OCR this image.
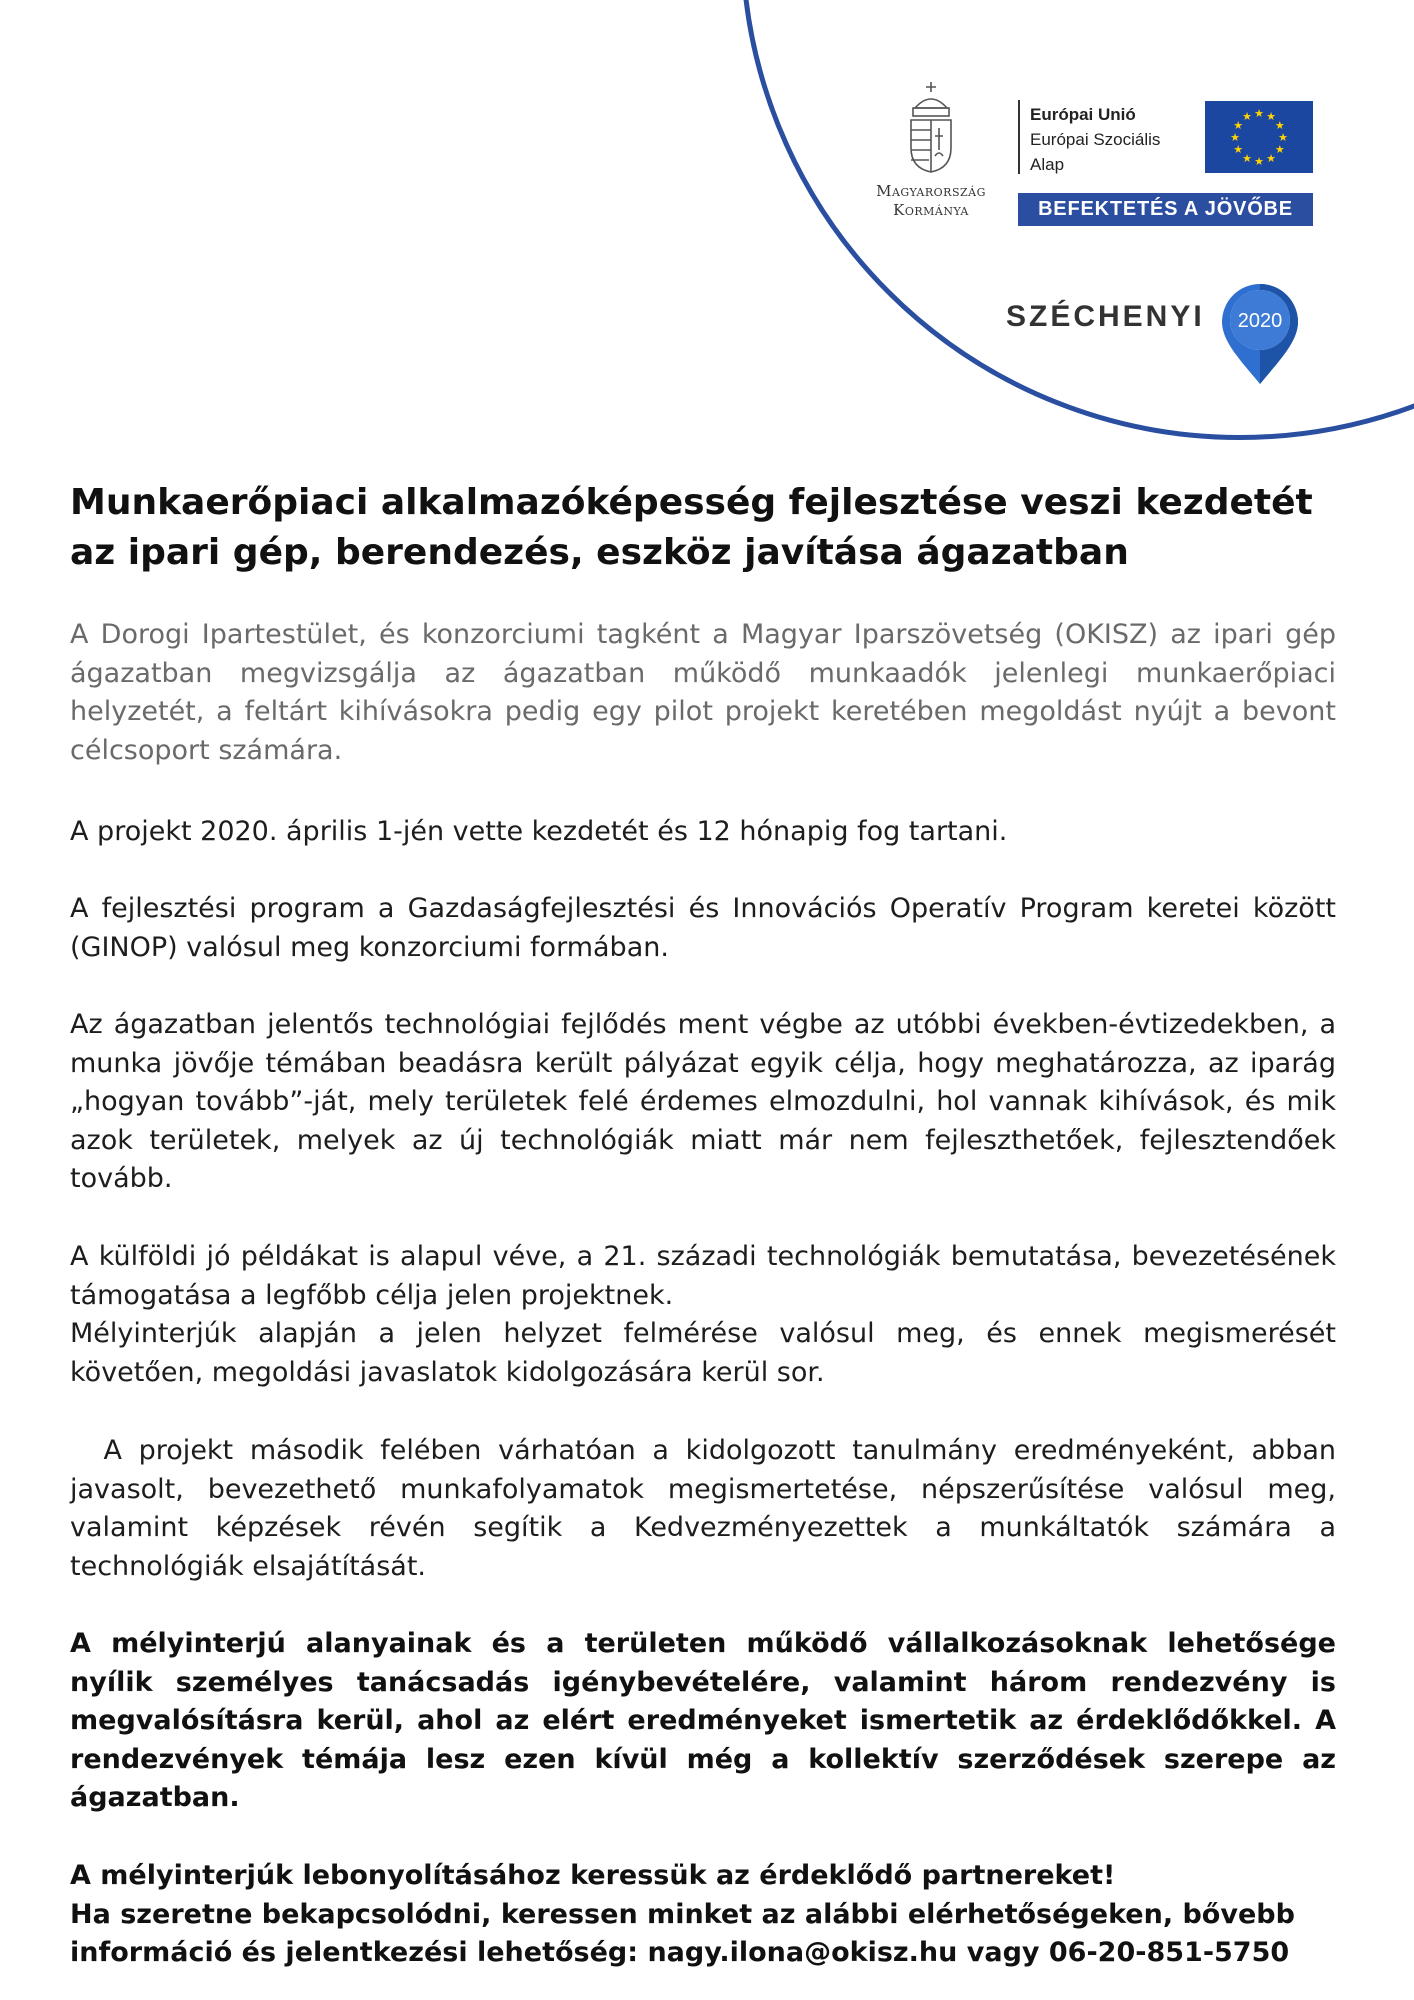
Magyarország
Kormánya
Európai Unió
Európai Szociális
Alap
★ ★
★
★
★
★
★
★
★
★
★
★
BEFEKTETÉS A JÖVŐBE
SZÉCHENYI 2020
Munkaerőpiaci alkalmazóképesség fejlesztése veszi kezdetét
az ipari gép, berendezés, eszköz javítása ágazatban

A Dorogi Ipartestület, és konzorciumi tagként a Magyar Iparszövetség (OKISZ) az ipari gép ágazatban megvizsgálja az ágazatban működő munkaadók jelenlegi munkaerőpiaci helyzetét, a feltárt kihívásokra pedig egy pilot projekt keretében megoldást nyújt a bevont célcsoport számára.

A projekt 2020. április 1-jén vette kezdetét és 12 hónapig fog tartani.

A fejlesztési program a Gazdaságfejlesztési és Innovációs Operatív Program keretei között (GINOP) valósul meg konzorciumi formában.

Az ágazatban jelentős technológiai fejlődés ment végbe az utóbbi években-évtizedekben, a munka jövője témában beadásra került pályázat egyik célja, hogy meghatározza, az iparág „hogyan tovább”-ját, mely területek felé érdemes elmozdulni, hol vannak kihívások, és mik azok területek, melyek az új technológiák miatt már nem fejleszthetőek, fejlesztendőek tovább.

A külföldi jó példákat is alapul véve, a 21. századi technológiák bemutatása, bevezetésének támogatása a legfőbb célja jelen projektnek.

Mélyinterjúk alapján a jelen helyzet felmérése valósul meg, és ennek megismerését követően, megoldási javaslatok kidolgozására kerül sor.

A projekt második felében várhatóan a kidolgozott tanulmány eredményeként, abban javasolt, bevezethető munkafolyamatok megismertetése, népszerűsítése valósul meg, valamint képzések révén segítik a Kedvezményezettek a munkáltatók számára a technológiák elsajátítását.

A mélyinterjú alanyainak és a területen működő vállalkozásoknak lehetősége nyílik személyes tanácsadás igénybevételére, valamint három rendezvény is megvalósításra kerül, ahol az elért eredményeket ismertetik az érdeklődőkkel. A rendezvények témája lesz ezen kívül még a kollektív szerződések szerepe az ágazatban.

A mélyinterjúk lebonyolításához keressük az érdeklődő partnereket!
Ha szeretne bekapcsolódni, keressen minket az alábbi elérhetőségeken, bővebb
információ és jelentkezési lehetőség: nagy.ilona@okisz.hu vagy 06-20-851-5750
